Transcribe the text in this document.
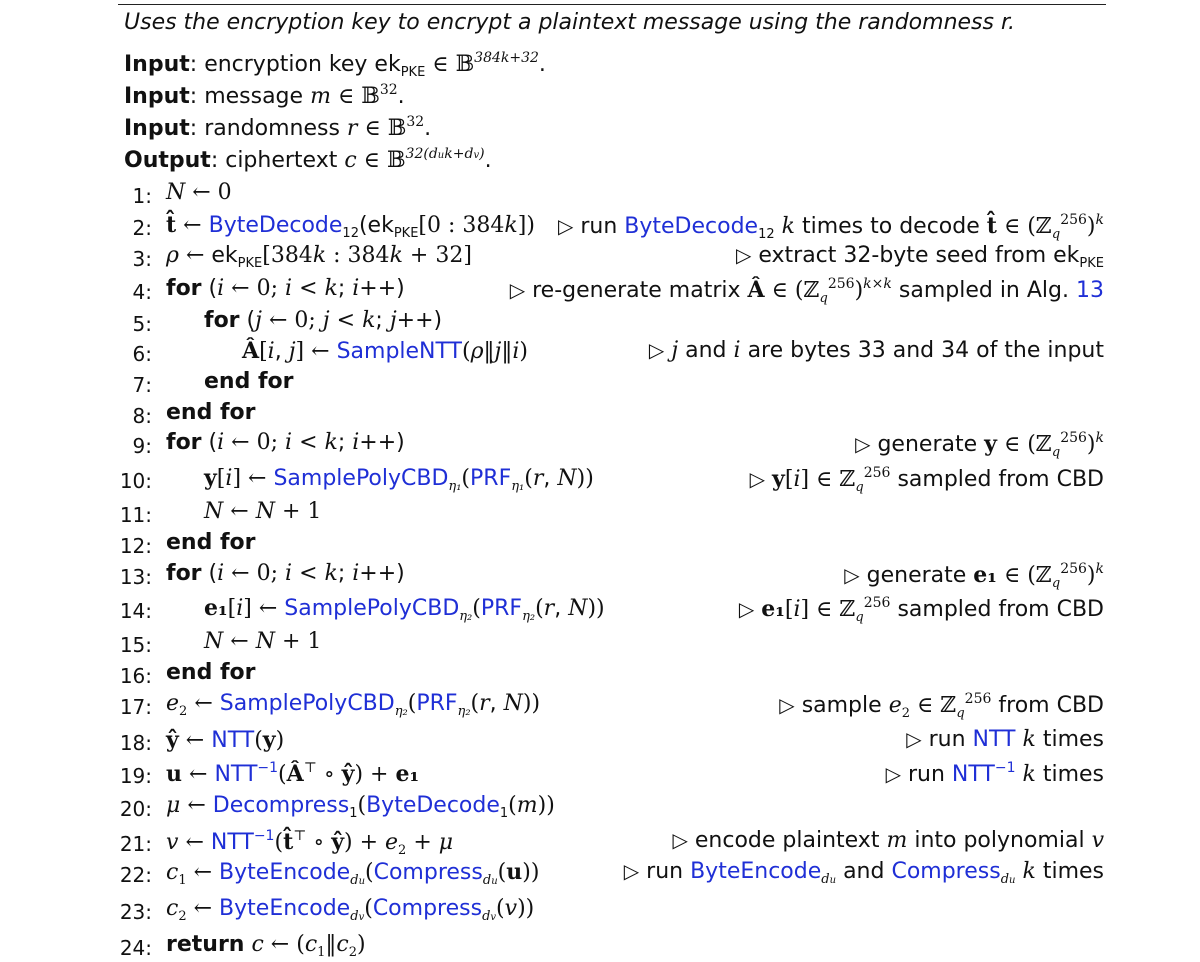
Uses the encryption key to encrypt a plaintext message using the randomness r.
Input: encryption key $ek_{PKE}$ ∈ 𝔹$^{384k+32}$.
Input: message m ∈ 𝔹$^{32}$.
Input: randomness r ∈ 𝔹$^{32}$.
Output: ciphertext c ∈ 𝔹$^{32(duk+dv)}$.
1: N ← 0
2: t̂ ← $ByteDecode_{12}(ek_{PKE}[0$ : 384k]) ▷ run ByteDecode$_{12}$ k times to decode t̂ ∈ (ℤ$_q^{256}$)$^k$
3: ρ ← $ek_{PKE}[384k$ : 384k + 32]	▷ extract 32-byte seed from $ek_{PKE}$
4: for (i ← 0; i < k; i++)	▷ re-generate matrix Â ∈ (ℤ$_q^{256}$)$^{k\times k}$ sampled in Alg. 13
5: for (j ← 0; j < k; j++)
6:	Â[i, j] ← SampleNTT(ρ‖j‖i)	▷ j and i are bytes 33 and 34 of the input
7: end for
8: end for
9: for (i ← 0; i < k; i++)	▷ generate y ∈ (ℤ$_q^{256}$)$^k$
10: y[i] ← $SamplePolyCBD_{\eta_1}(PRF_{\eta_1}(r$, N))	▷ y[i] ∈ ℤ$_q^{256}$ sampled from CBD
11: N ← N + 1
12: end for
13: for (i ← 0; i < k; i++)	▷ generate e₁ ∈ (ℤ$_q^{256}$)$^k$
14: e₁[i] ← $SamplePolyCBD_{\eta_2}(PRF_{\eta_2}(r$, N))	▷ e₁[i] ∈ ℤ$_q^{256}$ sampled from CBD
15: N ← N + 1
16: end for
17: $e_2$ ← $SamplePolyCBD_{\eta_2}(PRF_{\eta_2}(r$, N))	▷ sample $e_2$ ∈ ℤ$_q^{256}$ from CBD
18: ŷ ← NTT(y)	▷ run NTT k times
19: u ← $NTT^{-1}(Â^⊤$ ∘ ŷ) + e₁	▷ run $NTT^{-1}$ k times
20: μ ← Decompress$_1$(ByteDecode$_1$(m))
21: v ← $NTT^{-1}(t̂^⊤$ ∘ ŷ) + $e_2 + \mu$	▷ encode plaintext m into polynomial v
22: $c_1$ ← ByteEncode$_{du}$(Compress$_{du}$(u))	▷ run ByteEncode$_{du}$ and Compress$_{du}$ k times
23: $c_2$ ← ByteEncode$_{dv}$(Compress$_{dv}$(v))
24: return c ← $(c_1‖c_2)$
